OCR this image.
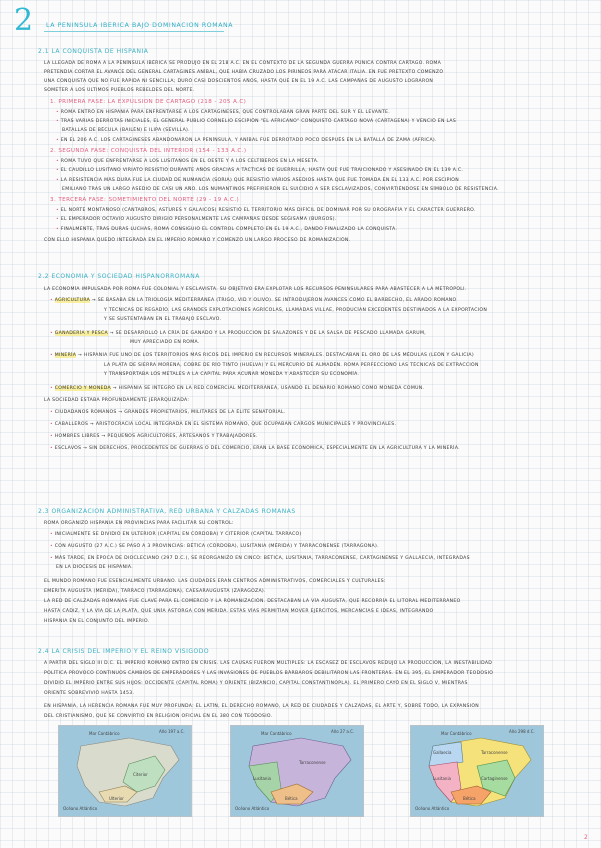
2 LA PENÍNSULA IBÉRICA BAJO DOMINACIÓN ROMANA
2.1 LA CONQUISTA DE HISPANIA
LA LLEGADA DE ROMA A LA PENÍNSULA IBÉRICA SE PRODUJO EN EL 218 A.C. EN EL CONTEXTO DE LA SEGUNDA GUERRA PÚNICA CONTRA CARTAGO. ROMA
PRETENDÍA CORTAR EL AVANCE DEL GENERAL CARTAGINÉS ANÍBAL, QUE HABÍA CRUZADO LOS PIRINEOS PARA ATACAR ITALIA. EN FUE PRETEXTO COMENZÓ
UNA CONQUISTA QUE NO FUE RÁPIDA NI SENCILLA; DURÓ CASI DOSCIENTOS AÑOS, HASTA QUE EN EL 19 A.C. LAS CAMPAÑAS DE AUGUSTO LOGRARON
SOMETER A LOS ÚLTIMOS PUEBLOS REBELDES DEL NORTE.
1. PRIMERA FASE: LA EXPULSIÓN DE CARTAGO (218 - 205 A.C)
• ROMA ENTRÓ EN HISPANIA PARA ENFRENTARSE A LOS CARTAGINESES, QUE CONTROLABAN GRAN PARTE DEL SUR Y EL LEVANTE.
• TRAS VARIAS DERROTAS INICIALES, EL GENERAL PUBLIO CORNELIO ESCIPIÓN "EL AFRICANO" CONQUISTÓ CARTAGO NOVA (CARTAGENA) Y VENCIÓ EN LAS
BATALLAS DE BÉCULA (BAILÉN) E ILIPA (SEVILLA).
• EN EL 206 A.C. LOS CARTAGINESES ABANDONARON LA PENÍNSULA, Y ANÍBAL FUE DERROTADO POCO DESPUÉS EN LA BATALLA DE ZAMA (ÁFRICA).
2. SEGUNDA FASE: CONQUISTA DEL INTERIOR (154 - 133 A.C.)
• ROMA TUVO QUE ENFRENTARSE A LOS LUSITANOS EN EL OESTE Y A LOS CELTÍBEROS EN LA MESETA.
• EL CAUDILLO LUSITANO VIRIATO RESISTIÓ DURANTE AÑOS GRACIAS A TÁCTICAS DE GUERRILLA, HASTA QUE FUE TRAICIONADO Y ASESINADO EN EL 139 A.C.
• LA RESISTENCIA MÁS DURA FUE LA CIUDAD DE NUMANCIA (SORIA) QUE RESISTIÓ VARIOS ASEDIOS HASTA QUE FUE TOMADA EN EL 133 A.C. POR ESCIPIÓN
EMILIANO TRAS UN LARGO ASEDIO DE CASI UN AÑO. LOS NUMANTINOS PREFIRIERON EL SUICIDIO A SER ESCLAVIZADOS, CONVIRTIÉNDOSE EN SÍMBOLO DE RESISTENCIA.
3. TERCERA FASE: SOMETIMIENTO DEL NORTE (29 - 19 A.C.)
• EL NORTE MONTAÑOSO (CÁNTABROS, ASTURES Y GALAICOS) RESISTIÓ EL TERRITORIO MÁS DIFÍCIL DE DOMINAR POR SU OROGRAFÍA Y EL CARÁCTER GUERRERO.
• EL EMPERADOR OCTAVIO AUGUSTO DIRIGIÓ PERSONALMENTE LAS CAMPAÑAS DESDE SEGISAMA (BURGOS).
• FINALMENTE, TRAS DURAS LUCHAS, ROMA CONSIGUIÓ EL CONTROL COMPLETO EN EL 19 A.C., DANDO FINALIZADO LA CONQUISTA.
CON ELLO HISPANIA QUEDÓ INTEGRADA EN EL IMPERIO ROMANO Y COMENZÓ UN LARGO PROCESO DE ROMANIZACIÓN.
2.2 ECONOMÍA Y SOCIEDAD HISPANORROMANA
LA ECONOMÍA IMPULSADA POR ROMA FUE COLONIAL Y ESCLAVISTA. SU OBJETIVO ERA EXPLOTAR LOS RECURSOS PENINSULARES PARA ABASTECER A LA METRÓPOLI.
• AGRICULTURA → SE BASABA EN LA TRIOLOGÍA MEDITERRÁNEA (TRIGO, VID Y OLIVO). SE INTRODUJERON AVANCES COMO EL BARBECHO, EL ARADO ROMANO
Y TÉCNICAS DE REGADÍO. LAS GRANDES EXPLOTACIONES AGRÍCOLAS, LLAMADAS VILLAE, PRODUCÍAN EXCEDENTES DESTINADOS A LA EXPORTACIÓN
Y SE SUSTENTABAN EN EL TRABAJO ESCLAVO.
• GANADERÍA Y PESCA → SE DESARROLLÓ LA CRÍA DE GANADO Y LA PRODUCCIÓN DE SALAZONES Y DE LA SALSA DE PESCADO LLAMADA GARUM,
MUY APRECIADO EN ROMA.
• MINERÍA → HISPANIA FUE UNO DE LOS TERRITORIOS MÁS RICOS DEL IMPERIO EN RECURSOS MINERALES. DESTACABAN EL ORO DE LAS MÉDULAS (LEÓN Y GALICIA)
LA PLATA DE SIERRA MORENA, COBRE DE RÍO TINTO (HUELVA) Y EL MERCURIO DE ALMADÉN. ROMA PERFECCIONÓ LAS TÉCNICAS DE EXTRACCIÓN
Y TRANSPORTABA LOS METALES A LA CAPITAL PARA ACUÑAR MONEDA Y ABASTECER SU ECONOMÍA.
• COMERCIO Y MONEDA → HISPANIA SE INTEGRÓ EN LA RED COMERCIAL MEDITERRÁNEA, USANDO EL DENARIO ROMANO COMO MONEDA COMÚN.
LA SOCIEDAD ESTABA PROFUNDAMENTE JERARQUIZADA:
• CIUDADANOS ROMANOS → GRANDES PROPIETARIOS, MILITARES DE LA ÉLITE SENATORIAL.
• CABALLEROS → ARISTOCRACIA LOCAL INTEGRADA EN EL SISTEMA ROMANO, QUE OCUPABAN CARGOS MUNICIPALES Y PROVINCIALES.
• HOMBRES LIBRES → PEQUEÑOS AGRICULTORES, ARTESANOS Y TRABAJADORES.
• ESCLAVOS → SIN DERECHOS, PROCEDENTES DE GUERRAS O DEL COMERCIO, ERAN LA BASE ECONÓMICA, ESPECIALMENTE EN LA AGRICULTURA Y LA MINERÍA.
2.3 ORGANIZACIÓN ADMINISTRATIVA, RED URBANA Y CALZADAS ROMANAS
ROMA ORGANIZÓ HISPANIA EN PROVINCIAS PARA FACILITAR SU CONTROL:
• INICIALMENTE SE DIVIDIÓ EN ULTERIOR (CAPITAL EN CÓRDOBA) Y CITERIOR (CAPITAL TARRACO)
• CON AUGUSTO (27 A.C.) SE PASÓ A 3 PROVINCIAS: BÉTICA (CÓRDOBA), LUSITANIA (MÉRIDA) Y TARRACONENSE (TARRAGONA).
• MÁS TARDE, EN ÉPOCA DE DIOCLECIANO (297 D.C.), SE REORGANIZÓ EN CINCO: BÉTICA, LUSITANIA, TARRACONENSE, CARTAGINENSE Y GALLAECIA, INTEGRADAS
EN LA DIÓCESIS DE HISPANIA.
EL MUNDO ROMANO FUE ESENCIALMENTE URBANO. LAS CIUDADES ERAN CENTROS ADMINISTRATIVOS, COMERCIALES Y CULTURALES:
EMERITA AUGUSTA (MÉRIDA), TARRACO (TARRAGONA), CAESARAUGUSTA (ZARAGOZA).
LA RED DE CALZADAS ROMANAS FUE CLAVE PARA EL COMERCIO Y LA ROMANIZACIÓN. DESTACABAN LA VÍA AUGUSTA, QUE RECORRÍA EL LITORAL MEDITERRÁNEO
HASTA CÁDIZ, Y LA VÍA DE LA PLATA, QUE UNÍA ASTORGA CON MÉRIDA. ESTAS VÍAS PERMITÍAN MOVER EJÉRCITOS, MERCANCÍAS E IDEAS, INTEGRANDO
HISPANIA EN EL CONJUNTO DEL IMPERIO.
2.4 LA CRISIS DEL IMPERIO Y EL REINO VISIGODO
A PARTIR DEL SIGLO III D.C. EL IMPERIO ROMANO ENTRÓ EN CRISIS. LAS CAUSAS FUERON MÚLTIPLES: LA ESCASEZ DE ESCLAVOS REDUJO LA PRODUCCIÓN, LA INESTABILIDAD
POLÍTICA PROVOCÓ CONTINUOS CAMBIOS DE EMPERADORES Y LAS INVASIONES DE PUEBLOS BÁRBAROS DEBILITARON LAS FRONTERAS. EN EL 395, EL EMPERADOR TEODOSIO
DIVIDIÓ EL IMPERIO ENTRE SUS HIJOS: OCCIDENTE (CAPITAL ROMA) Y ORIENTE (BIZANCIO, CAPITAL CONSTANTINOPLA). EL PRIMERO CAYÓ EN EL SIGLO V, MIENTRAS
ORIENTE SOBREVIVIÓ HASTA 1453.
EN HISPANIA, LA HERENCIA ROMANA FUE MUY PROFUNDA: EL LATÍN, EL DERECHO ROMANO, LA RED DE CIUDADES Y CALZADAS, EL ARTE Y, SOBRE TODO, LA EXPANSIÓN
DEL CRISTIANISMO, QUE SE CONVIRTIÓ EN RELIGIÓN OFICIAL EN EL 380 CON TEODOSIO.
Año 197 a.C.
Mar Cantábrico
Ulterior
Citerior
Océano Atlántico
Año 27 a.C.
Mar Cantábrico
Lusitania
Tarraconense
Bética
Océano Atlántico
Año 298 d.C.
Mar Cantábrico
Gallaecia	Tarraconense
Lusitania	Cartaginense
Bética
Océano Atlántico
2
